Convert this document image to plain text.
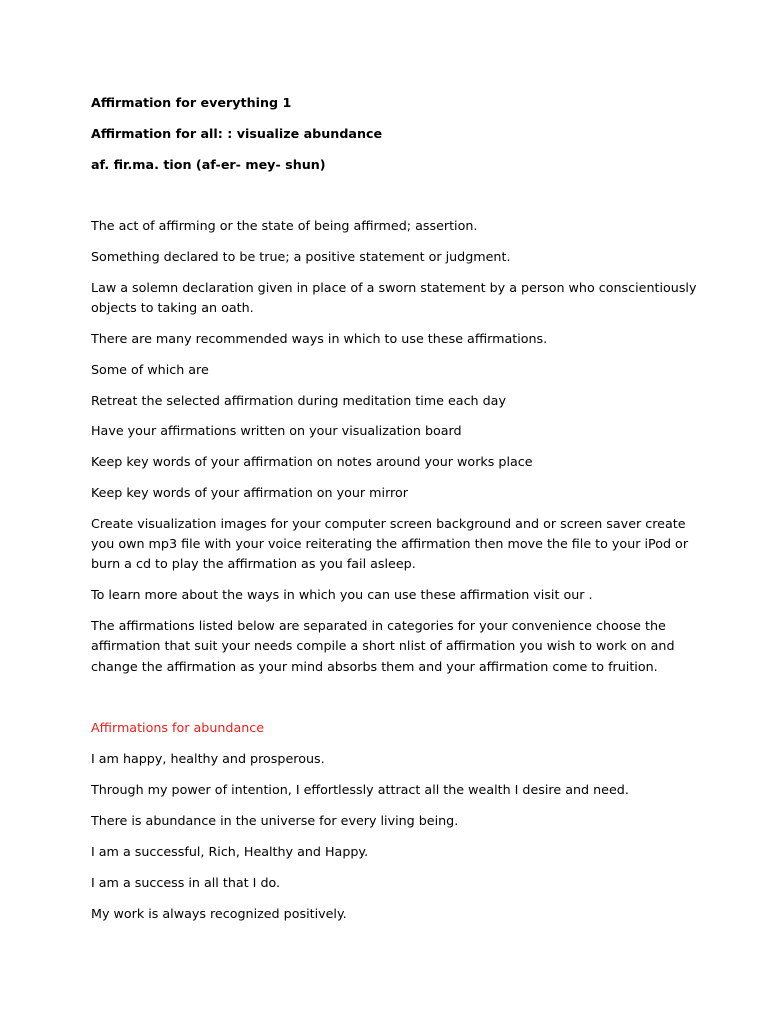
Affirmation for everything 1
Affirmation for all: : visualize abundance
af. fir.ma. tion (af-er- mey- shun)
The act of affirming or the state of being affirmed; assertion.
Something declared to be true; a positive statement or judgment.
Law a solemn declaration given in place of a sworn statement by a person who conscientiously
objects to taking an oath.
There are many recommended ways in which to use these affirmations.
Some of which are
Retreat the selected affirmation during meditation time each day
Have your affirmations written on your visualization board
Keep key words of your affirmation on notes around your works place
Keep key words of your affirmation on your mirror
Create visualization images for your computer screen background and or screen saver create
you own mp3 file with your voice reiterating the affirmation then move the file to your iPod or
burn a cd to play the affirmation as you fail asleep.
To learn more about the ways in which you can use these affirmation visit our .
The affirmations listed below are separated in categories for your convenience choose the
affirmation that suit your needs compile a short nlist of affirmation you wish to work on and
change the affirmation as your mind absorbs them and your affirmation come to fruition.
Affirmations for abundance
I am happy, healthy and prosperous.
Through my power of intention, I effortlessly attract all the wealth I desire and need.
There is abundance in the universe for every living being.
I am a successful, Rich, Healthy and Happy.
I am a success in all that I do.
My work is always recognized positively.
